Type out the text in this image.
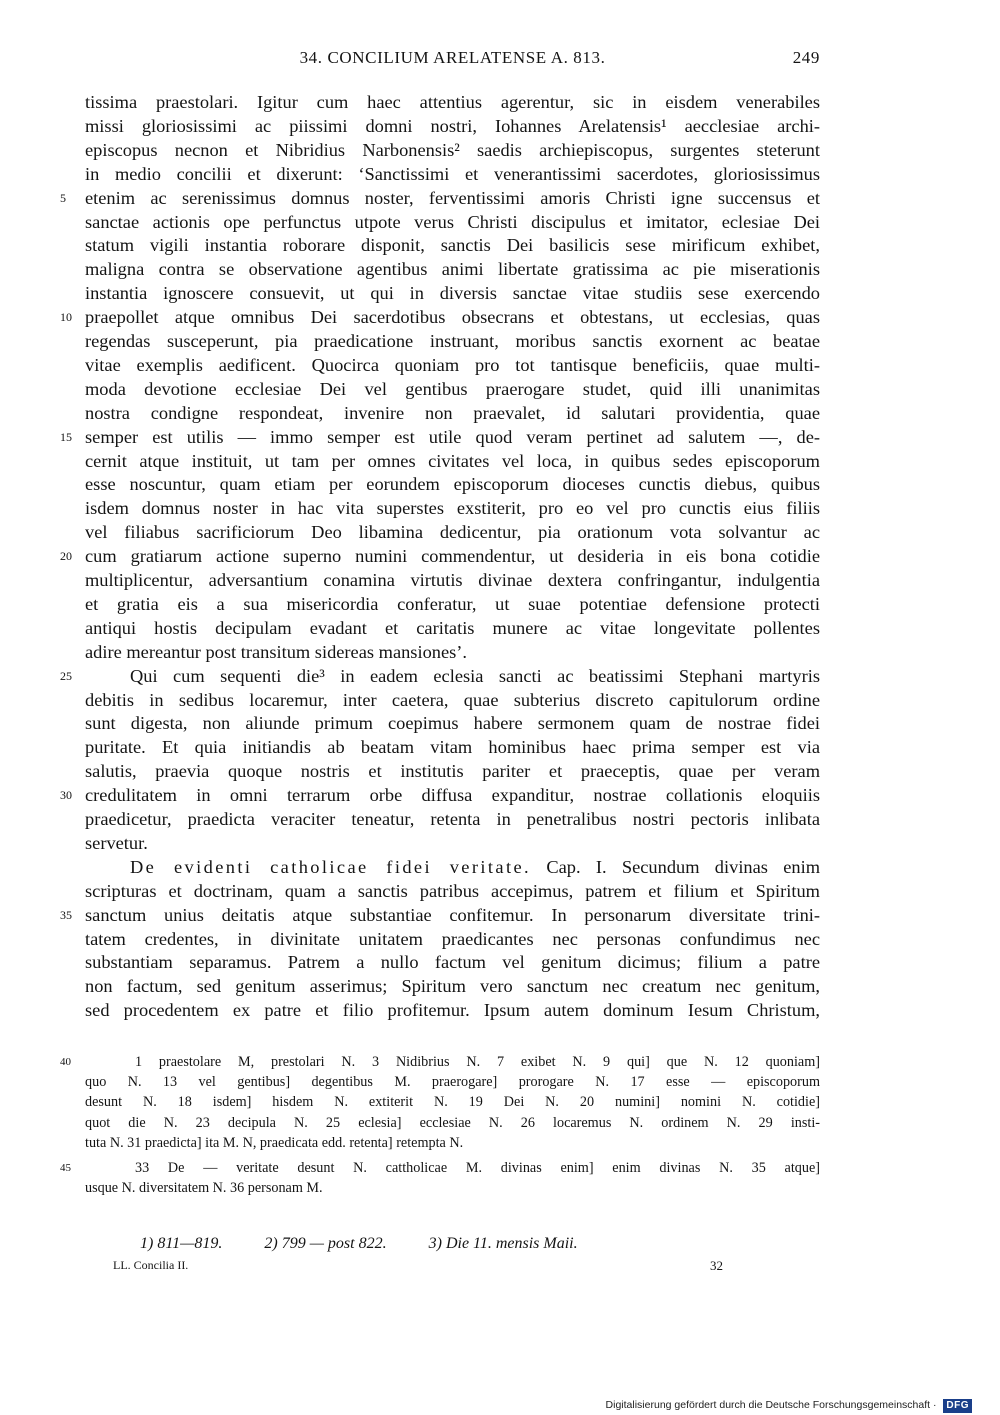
34. CONCILIUM ARELATENSE A. 813.	249
tissima praestolari. Igitur cum haec attentius agerentur, sic in eisdem venerabiles
missi gloriosissimi ac piissimi domni nostri, Iohannes Arelatensis¹ aecclesiae archi-
episcopus necnon et Nibridius Narbonensis² saedis archiepiscopus, surgentes steterunt
in medio concilii et dixerunt: ‘Sanctissimi et venerantissimi sacerdotes, gloriosissimus
etenim ac serenissimus domnus noster, ferventissimi amoris Christi igne succensus et
5
sanctae actionis ope perfunctus utpote verus Christi discipulus et imitator, eclesiae Dei
statum vigili instantia roborare disponit, sanctis Dei basilicis sese mirificum exhibet,
maligna contra se observatione agentibus animi libertate gratissima ac pie miserationis
instantia ignoscere consuevit, ut qui in diversis sanctae vitae studiis sese exercendo
praepollet atque omnibus Dei sacerdotibus obsecrans et obtestans, ut ecclesias, quas
10
regendas susceperunt, pia praedicatione instruant, moribus sanctis exornent ac beatae
vitae exemplis aedificent. Quocirca quoniam pro tot tantisque beneficiis, quae multi-
moda devotione ecclesiae Dei vel gentibus praerogare studet, quid illi unanimitas
nostra condigne respondeat, invenire non praevalet, id salutari providentia, quae
semper est utilis — immo semper est utile quod veram pertinet ad salutem —, de-
15
cernit atque instituit, ut tam per omnes civitates vel loca, in quibus sedes episcoporum
esse noscuntur, quam etiam per eorundem episcoporum dioceses cunctis diebus, quibus
isdem domnus noster in hac vita superstes exstiterit, pro eo vel pro cunctis eius filiis
vel filiabus sacrificiorum Deo libamina dedicentur, pia orationum vota solvantur ac
cum gratiarum actione superno numini commendentur, ut desideria in eis bona cotidie
20
multiplicentur, adversantium conamina virtutis divinae dextera confringantur, indulgentia
et gratia eis a sua misericordia conferatur, ut suae potentiae defensione protecti
antiqui hostis decipulam evadant et caritatis munere ac vitae longevitate pollentes
adire mereantur post transitum sidereas mansiones’.
Qui cum sequenti die³ in eadem eclesia sancti ac beatissimi Stephani martyris
25
debitis in sedibus locaremur, inter caetera, quae subterius discreto capitulorum ordine
sunt digesta, non aliunde primum coepimus habere sermonem quam de nostrae fidei
puritate. Et quia initiandis ab beatam vitam hominibus haec prima semper est via
salutis, praevia quoque nostris et institutis pariter et praeceptis, quae per veram
credulitatem in omni terrarum orbe diffusa expanditur, nostrae collationis eloquiis
30
praedicetur, praedicta veraciter teneatur, retenta in penetralibus nostri pectoris inlibata
servetur.
De evidenti catholicae fidei veritate. Cap. I. Secundum divinas enim
scripturas et doctrinam, quam a sanctis patribus accepimus, patrem et filium et Spiritum
sanctum unius deitatis atque substantiae confitemur. In personarum diversitate trini-
35
tatem credentes, in divinitate unitatem praedicantes nec personas confundimus nec
substantiam separamus. Patrem a nullo factum vel genitum dicimus; filium a patre
non factum, sed genitum asserimus; Spiritum vero sanctum nec creatum nec genitum,
sed procedentem ex patre et filio profitemur. Ipsum autem dominum Iesum Christum,
1 praestolare M, prestolari N. 3 Nidibrius N. 7 exibet N. 9 qui] que N. 12 quoniam]
40
quo N. 13 vel gentibus] degentibus M. praerogare] prorogare N. 17 esse — episcoporum
desunt N. 18 isdem] hisdem N. extiterit N. 19 Dei N. 20 numini] nomini N. cotidie]
quot die N. 23 decipula N. 25 eclesia] ecclesiae N. 26 locaremus N. ordinem N. 29 insti-
tuta N. 31 praedicta] ita M. N, praedicata edd. retenta] retempta N.
33 De — veritate desunt N. cattholicae M. divinas enim] enim divinas N. 35 atque]
45
usque N. diversitatem N. 36 personam M.
1) 811—819.	2) 799 — post 822.	3) Die 11. mensis Maii.
LL. Concilia II.	32
Digitalisierung gefördert durch die Deutsche Forschungsgemeinschaft · DFG
